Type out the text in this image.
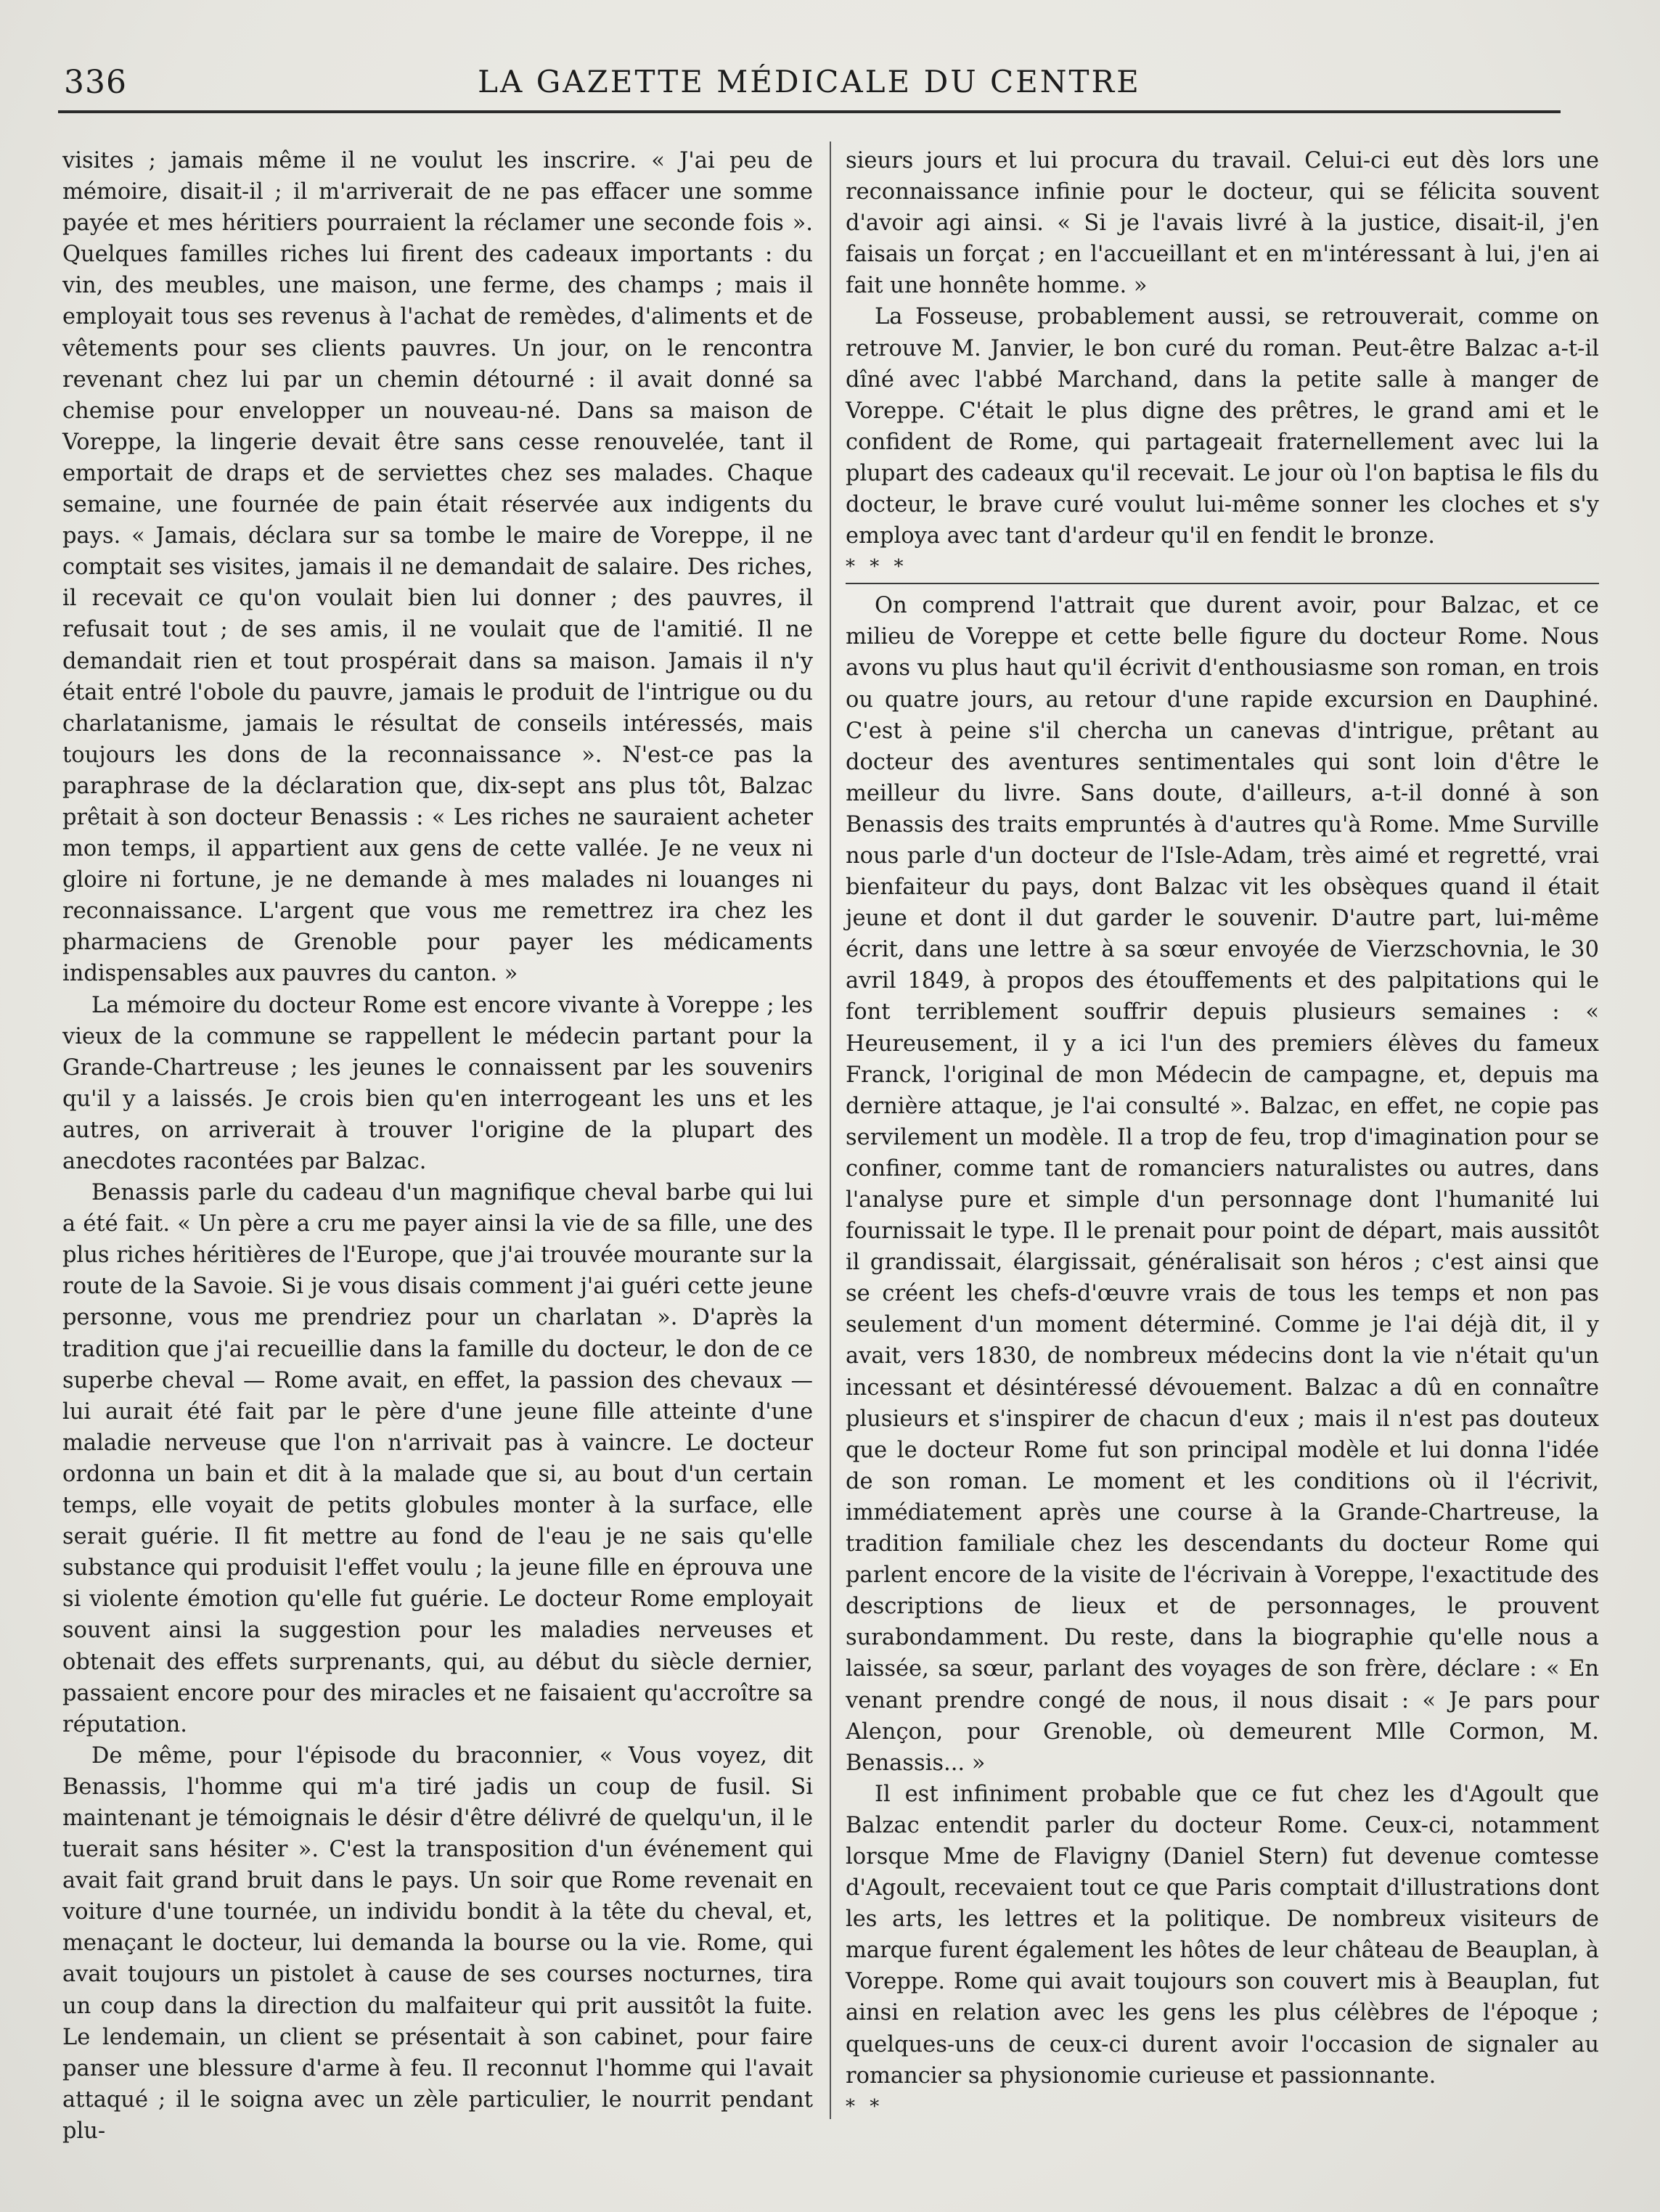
336	LA GAZETTE MÉDICALE DU CENTRE

visites ; jamais même il ne voulut les inscrire. « J'ai peu de mémoire, disait-il ; il m'arriverait de ne pas effacer une somme payée et mes héritiers pourraient la réclamer une seconde fois ». Quelques familles riches lui firent des cadeaux importants : du vin, des meubles, une maison, une ferme, des champs ; mais il employait tous ses revenus à l'achat de remèdes, d'aliments et de vêtements pour ses clients pauvres. Un jour, on le rencontra revenant chez lui par un chemin détourné : il avait donné sa chemise pour envelopper un nouveau-né. Dans sa maison de Voreppe, la lingerie devait être sans cesse renouvelée, tant il emportait de draps et de serviettes chez ses malades. Chaque semaine, une fournée de pain était réservée aux indigents du pays. « Jamais, déclara sur sa tombe le maire de Voreppe, il ne comptait ses visites, jamais il ne demandait de salaire. Des riches, il recevait ce qu'on voulait bien lui donner ; des pauvres, il refusait tout ; de ses amis, il ne voulait que de l'amitié. Il ne demandait rien et tout prospérait dans sa maison. Jamais il n'y était entré l'obole du pauvre, jamais le produit de l'intrigue ou du charlatanisme, jamais le résultat de conseils intéressés, mais toujours les dons de la reconnaissance ». N'est-ce pas la paraphrase de la déclaration que, dix-sept ans plus tôt, Balzac prêtait à son docteur Benassis : « Les riches ne sauraient acheter mon temps, il appartient aux gens de cette vallée. Je ne veux ni gloire ni fortune, je ne demande à mes malades ni louanges ni reconnaissance. L'argent que vous me remettrez ira chez les pharmaciens de Grenoble pour payer les médicaments indispensables aux pauvres du canton. »

La mémoire du docteur Rome est encore vivante à Voreppe ; les vieux de la commune se rappellent le médecin partant pour la Grande-Chartreuse ; les jeunes le connaissent par les souvenirs qu'il y a laissés. Je crois bien qu'en interrogeant les uns et les autres, on arriverait à trouver l'origine de la plupart des anecdotes racontées par Balzac.

Benassis parle du cadeau d'un magnifique cheval barbe qui lui a été fait. « Un père a cru me payer ainsi la vie de sa fille, une des plus riches héritières de l'Europe, que j'ai trouvée mourante sur la route de la Savoie. Si je vous disais comment j'ai guéri cette jeune personne, vous me prendriez pour un charlatan ». D'après la tradition que j'ai recueillie dans la famille du docteur, le don de ce superbe cheval — Rome avait, en effet, la passion des chevaux — lui aurait été fait par le père d'une jeune fille atteinte d'une maladie nerveuse que l'on n'arrivait pas à vaincre. Le docteur ordonna un bain et dit à la malade que si, au bout d'un certain temps, elle voyait de petits globules monter à la surface, elle serait guérie. Il fit mettre au fond de l'eau je ne sais qu'elle substance qui produisit l'effet voulu ; la jeune fille en éprouva une si violente émotion qu'elle fut guérie. Le docteur Rome employait souvent ainsi la suggestion pour les maladies nerveuses et obtenait des effets surprenants, qui, au début du siècle dernier, passaient encore pour des miracles et ne faisaient qu'accroître sa réputation.

De même, pour l'épisode du braconnier, « Vous voyez, dit Benassis, l'homme qui m'a tiré jadis un coup de fusil. Si maintenant je témoignais le désir d'être délivré de quelqu'un, il le tuerait sans hésiter ». C'est la transposition d'un événement qui avait fait grand bruit dans le pays. Un soir que Rome revenait en voiture d'une tournée, un individu bondit à la tête du cheval, et, menaçant le docteur, lui demanda la bourse ou la vie. Rome, qui avait toujours un pistolet à cause de ses courses nocturnes, tira un coup dans la direction du malfaiteur qui prit aussitôt la fuite. Le lendemain, un client se présentait à son cabinet, pour faire panser une blessure d'arme à feu. Il reconnut l'homme qui l'avait attaqué ; il le soigna avec un zèle particulier, le nourrit pendant plu-

sieurs jours et lui procura du travail. Celui-ci eut dès lors une reconnaissance infinie pour le docteur, qui se félicita souvent d'avoir agi ainsi. « Si je l'avais livré à la justice, disait-il, j'en faisais un forçat ; en l'accueillant et en m'intéressant à lui, j'en ai fait une honnête homme. »

La Fosseuse, probablement aussi, se retrouverait, comme on retrouve M. Janvier, le bon curé du roman. Peut-être Balzac a-t-il dîné avec l'abbé Marchand, dans la petite salle à manger de Voreppe. C'était le plus digne des prêtres, le grand ami et le confident de Rome, qui partageait fraternellement avec lui la plupart des cadeaux qu'il recevait. Le jour où l'on baptisa le fils du docteur, le brave curé voulut lui-même sonner les cloches et s'y employa avec tant d'ardeur qu'il en fendit le bronze.

* * *

On comprend l'attrait que durent avoir, pour Balzac, et ce milieu de Voreppe et cette belle figure du docteur Rome. Nous avons vu plus haut qu'il écrivit d'enthousiasme son roman, en trois ou quatre jours, au retour d'une rapide excursion en Dauphiné. C'est à peine s'il chercha un canevas d'intrigue, prêtant au docteur des aventures sentimentales qui sont loin d'être le meilleur du livre. Sans doute, d'ailleurs, a-t-il donné à son Benassis des traits empruntés à d'autres qu'à Rome. Mme Surville nous parle d'un docteur de l'Isle-Adam, très aimé et regretté, vrai bienfaiteur du pays, dont Balzac vit les obsèques quand il était jeune et dont il dut garder le souvenir. D'autre part, lui-même écrit, dans une lettre à sa sœur envoyée de Vierzschovnia, le 30 avril 1849, à propos des étouffements et des palpitations qui le font terriblement souffrir depuis plusieurs semaines : « Heureusement, il y a ici l'un des premiers élèves du fameux Franck, l'original de mon Médecin de campagne, et, depuis ma dernière attaque, je l'ai consulté ». Balzac, en effet, ne copie pas servilement un modèle. Il a trop de feu, trop d'imagination pour se confiner, comme tant de romanciers naturalistes ou autres, dans l'analyse pure et simple d'un personnage dont l'humanité lui fournissait le type. Il le prenait pour point de départ, mais aussitôt il grandissait, élargissait, généralisait son héros ; c'est ainsi que se créent les chefs-d'œuvre vrais de tous les temps et non pas seulement d'un moment déterminé. Comme je l'ai déjà dit, il y avait, vers 1830, de nombreux médecins dont la vie n'était qu'un incessant et désintéressé dévouement. Balzac a dû en connaître plusieurs et s'inspirer de chacun d'eux ; mais il n'est pas douteux que le docteur Rome fut son principal modèle et lui donna l'idée de son roman. Le moment et les conditions où il l'écrivit, immédiatement après une course à la Grande-Chartreuse, la tradition familiale chez les descendants du docteur Rome qui parlent encore de la visite de l'écrivain à Voreppe, l'exactitude des descriptions de lieux et de personnages, le prouvent surabondamment. Du reste, dans la biographie qu'elle nous a laissée, sa sœur, parlant des voyages de son frère, déclare : « En venant prendre congé de nous, il nous disait : « Je pars pour Alençon, pour Grenoble, où demeurent Mlle Cormon, M. Benassis... »

Il est infiniment probable que ce fut chez les d'Agoult que Balzac entendit parler du docteur Rome. Ceux-ci, notamment lorsque Mme de Flavigny (Daniel Stern) fut devenue comtesse d'Agoult, recevaient tout ce que Paris comptait d'illustrations dont les arts, les lettres et la politique. De nombreux visiteurs de marque furent également les hôtes de leur château de Beauplan, à Voreppe. Rome qui avait toujours son couvert mis à Beauplan, fut ainsi en relation avec les gens les plus célèbres de l'époque ; quelques-uns de ceux-ci durent avoir l'occasion de signaler au romancier sa physionomie curieuse et passionnante.

* *
